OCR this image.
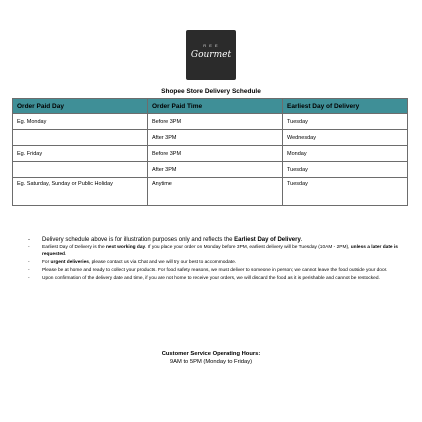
R E E
Gourmet
Shopee Store Delivery Schedule
Order Paid Day	Order Paid Time	Earliest Day of Delivery
Eg. Monday	Before 3PM	Tuesday
	After 3PM	Wednesday
Eg. Friday	Before 3PM	Monday
	After 3PM	Tuesday
Eg. Saturday, Sunday or Public Holiday	Anytime	Tuesday
- Delivery schedule above is for illustration purposes only and reflects the Earliest Day of Delivery.
- Earliest Day of Delivery is the next working day. If you place your order on Monday before 3PM, earliest delivery will be Tuesday (10AM - 2PM), unless a later date is requested.
- For urgent deliveries, please contact us via Chat and we will try our best to accommodate.
- Please be at home and ready to collect your products. For food safety reasons, we must deliver to someone in person; we cannot leave the food outside your door.
- Upon confirmation of the delivery date and time, if you are not home to receive your orders, we will discard the food as it is perishable and cannot be restocked.
Customer Service Operating Hours:
9AM to 5PM (Monday to Friday)
